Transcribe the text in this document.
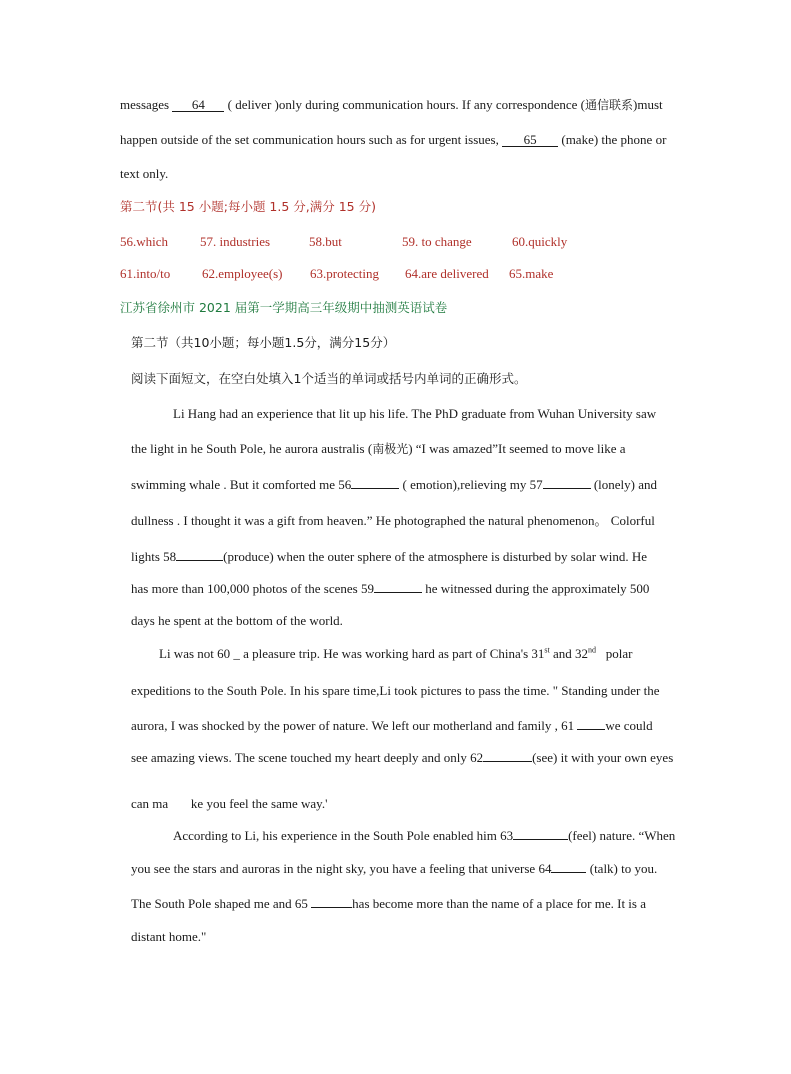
messages 64 ( deliver )only during communication hours. If any correspondence (通信联系)must
happen outside of the set communication hours such as for urgent issues, 65 (make) the phone or
text only.
第二节(共 15 小题;每小题 1.5 分,满分 15 分)
56.which 57. industries	58.but	59. to change	60.quickly
61.into/to 62.employee(s) 63.protecting 64.are delivered 65.make
江苏省徐州市 2021 届第一学期高三年级期中抽测英语试卷
第二节（共10小题；每小题1.5分，满分15分）
阅读下面短文，在空白处填入1个适当的单词或括号内单词的正确形式。
Li Hang had an experience that lit up his life. The PhD graduate from Wuhan University saw
the light in he South Pole, he aurora australis (南极光) “I was amazed”It seemed to move like a
swimming whale . But it comforted me 56	( emotion),relieving my 57	(lonely) and
dullness . I thought it was a gift from heaven.” He photographed the natural phenomenon。 Colorful
lights 58	(produce) when the outer sphere of the atmosphere is disturbed by solar wind. He
has more than 100,000 photos of the scenes 59	he witnessed during the approximately 500
days he spent at the bottom of the world.
Li was not 60 _ a pleasure trip. He was working hard as part of China's 31st and 32nd   polar
expeditions to the South Pole. In his spare time,Li took pictures to pass the time. " Standing under the
aurora, I was shocked by the power of nature. We left our motherland and family , 61 we could
see amazing views. The scene touched my heart deeply and only 62	(see) it with your own eyes
can ma       ke you feel the same way.'
According to Li, his experience in the South Pole enabled him 63	(feel) nature. “When
you see the stars and auroras in the night sky, you have a feeling that universe 64	(talk) to you.
The South Pole shaped me and 65	has become more than the name of a place for me. It is a
distant home."
